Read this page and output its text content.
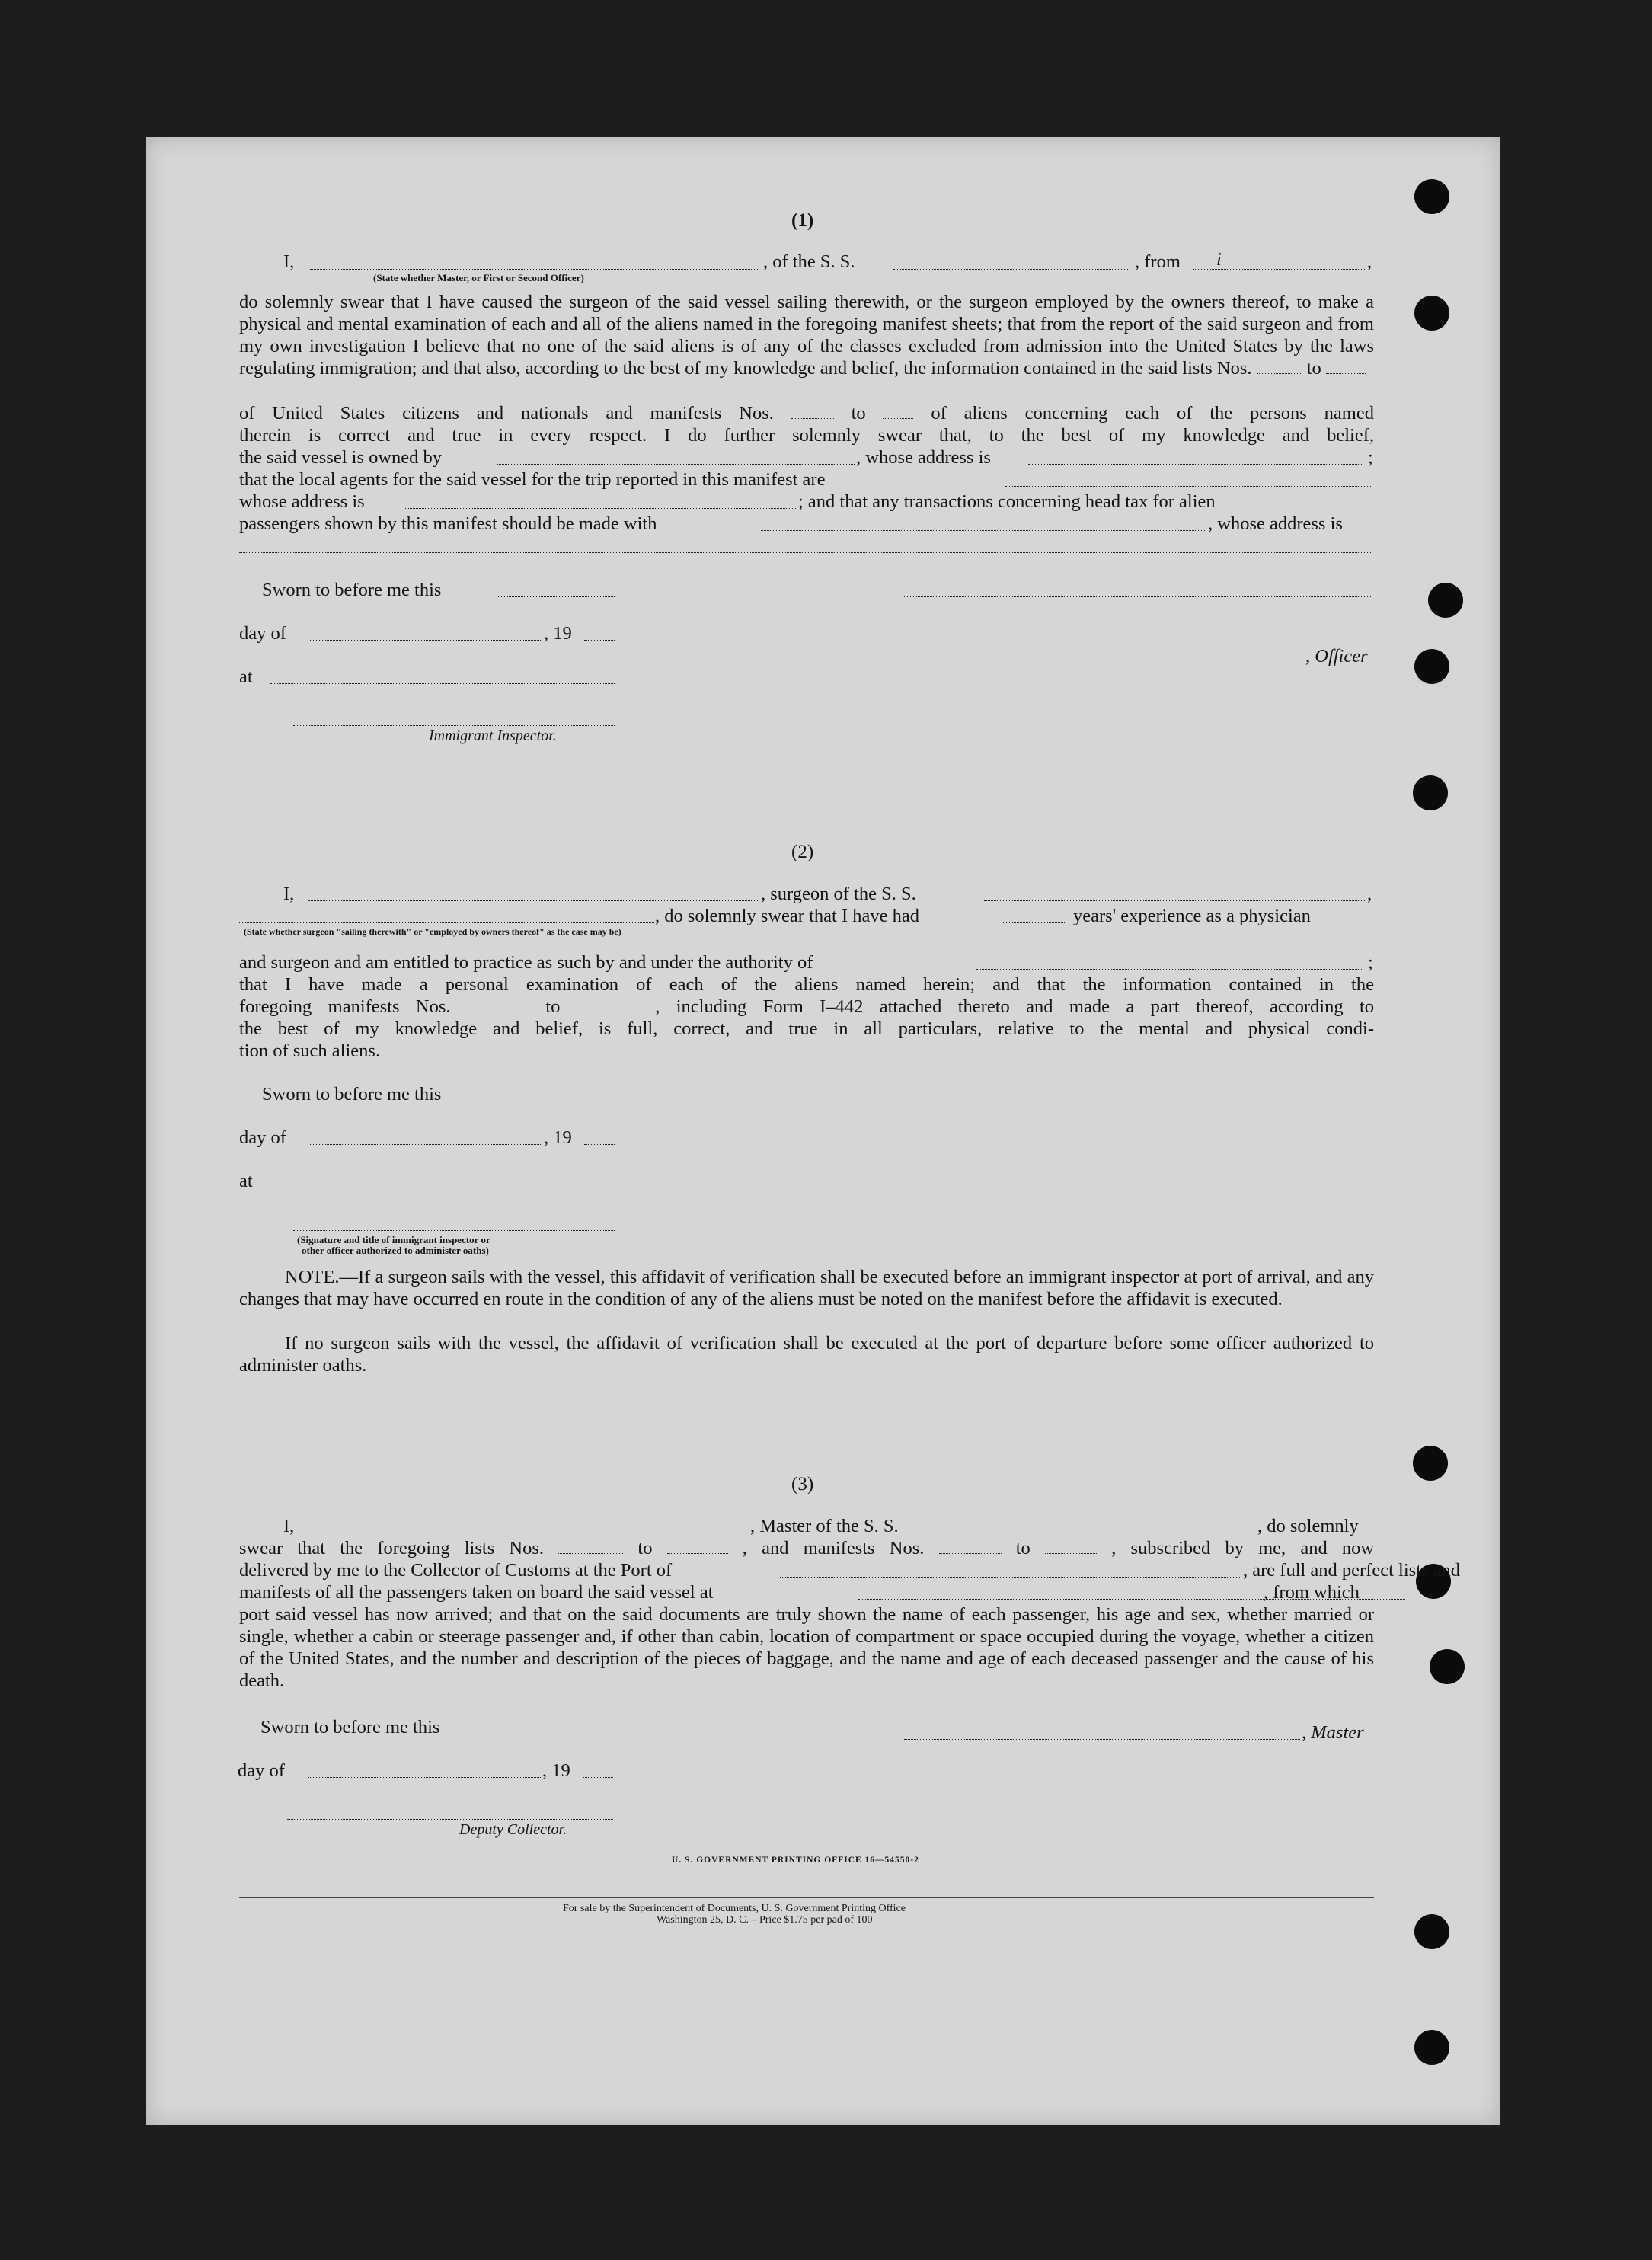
(1)
I,	, of the S. S.	, from i	,
(State whether Master, or First or Second Officer)
do solemnly swear that I have caused the surgeon of the said vessel sailing therewith, or the surgeon employed by the owners thereof, to make a physical and mental examination of each and all of the aliens named in the foregoing manifest sheets; that from the report of the said surgeon and from my own investigation I believe that no one of the said aliens is of any of the classes excluded from admission into the United States by the laws regulating immigration; and that also, according to the best of my knowledge and belief, the information contained in the said lists Nos.	to
of United States citizens and nationals and manifests Nos.	to	of aliens concerning each of the persons named
therein is correct and true in every respect. I do further solemnly swear that, to the best of my knowledge and belief,
the said vessel is owned by	, whose address is	;
that the local agents for the said vessel for the trip reported in this manifest are
whose address is	; and that any transactions concerning head tax for alien
passengers shown by this manifest should be made with	, whose address is
Sworn to before me this
day of	, 19
, Officer
at
Immigrant Inspector.
(2)
I,	, surgeon of the S. S.	,
, do solemnly swear that I have had	years' experience as a physician
(State whether surgeon "sailing therewith" or "employed by owners thereof" as the case may be)
and surgeon and am entitled to practice as such by and under the authority of	;
that I have made a personal examination of each of the aliens named herein; and that the information contained in the
foregoing manifests Nos.	to	, including Form I–442 attached thereto and made a part thereof, according to
the best of my knowledge and belief, is full, correct, and true in all particulars, relative to the mental and physical condi-
tion of such aliens.
Sworn to before me this
day of	, 19
at
(Signature and title of immigrant inspector or
other officer authorized to administer oaths)
NOTE.—If a surgeon sails with the vessel, this affidavit of verification shall be executed before an immigrant inspector at port of arrival, and any changes that may have occurred en route in the condition of any of the aliens must be noted on the manifest before the affidavit is executed.
If no surgeon sails with the vessel, the affidavit of verification shall be executed at the port of departure before some officer authorized to administer oaths.
(3)
I,	, Master of the S. S.	, do solemnly
swear that the foregoing lists Nos.	to	, and manifests Nos.	to	, subscribed by me, and now
delivered by me to the Collector of Customs at the Port of	, are full and perfect lists and
manifests of all the passengers taken on board the said vessel at	, from which
port said vessel has now arrived; and that on the said documents are truly shown the name of each passenger, his age and sex, whether married or single, whether a cabin or steerage passenger and, if other than cabin, location of compartment or space occupied during the voyage, whether a citizen of the United States, and the number and description of the pieces of baggage, and the name and age of each deceased passenger and the cause of his death.
Sworn to before me this	, Master
day of	, 19
Deputy Collector.
U. S. GOVERNMENT PRINTING OFFICE 16—54550-2
For sale by the Superintendent of Documents, U. S. Government Printing Office
Washington 25, D. C. – Price $1.75 per pad of 100
